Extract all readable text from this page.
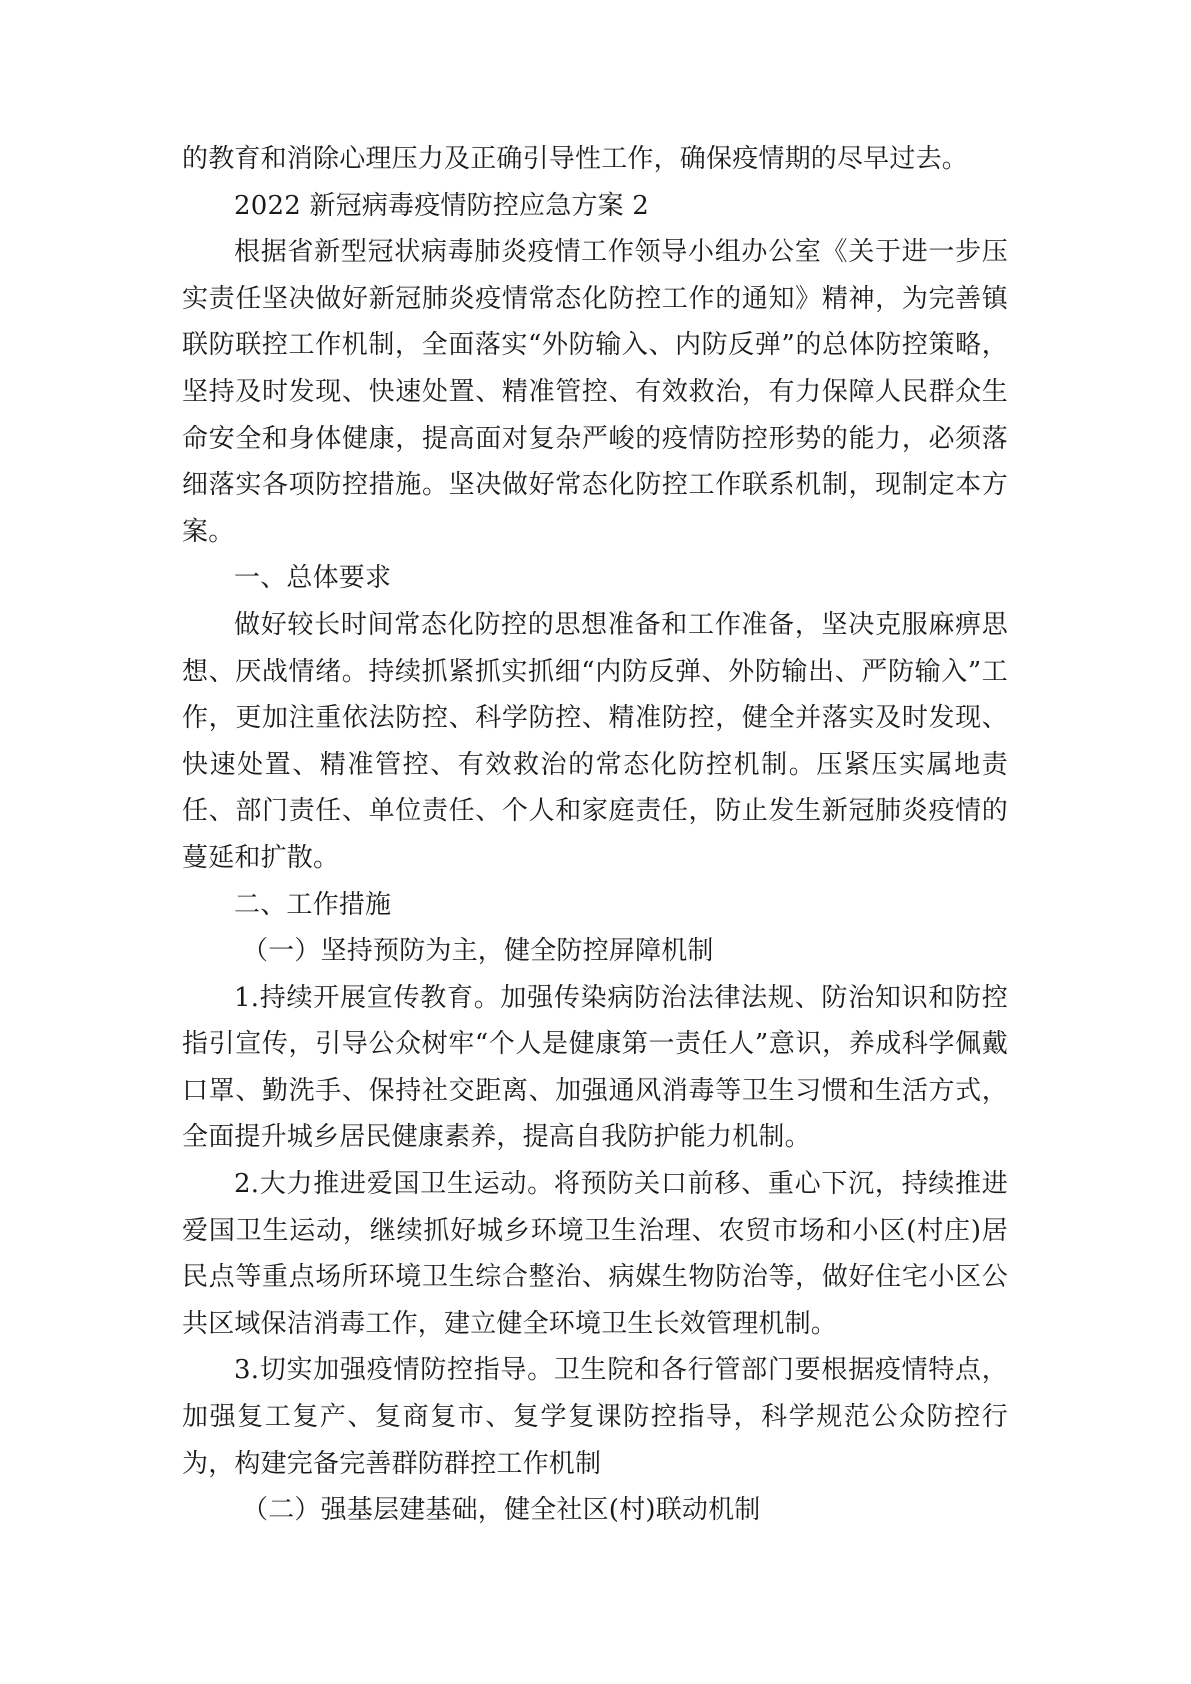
的教育和消除心理压力及正确引导性工作，确保疫情期的尽早过去。

2022 新冠病毒疫情防控应急方案 2

根据省新型冠状病毒肺炎疫情工作领导小组办公室《关于进一步压实责任坚决做好新冠肺炎疫情常态化防控工作的通知》精神，为完善镇联防联控工作机制，全面落实“外防输入、内防反弹”的总体防控策略，坚持及时发现、快速处置、精准管控、有效救治，有力保障人民群众生命安全和身体健康，提高面对复杂严峻的疫情防控形势的能力，必须落细落实各项防控措施。坚决做好常态化防控工作联系机制，现制定本方案。

一、总体要求

做好较长时间常态化防控的思想准备和工作准备，坚决克服麻痹思想、厌战情绪。持续抓紧抓实抓细“内防反弹、外防输出、严防输入”工作，更加注重依法防控、科学防控、精准防控，健全并落实及时发现、快速处置、精准管控、有效救治的常态化防控机制。压紧压实属地责任、部门责任、单位责任、个人和家庭责任，防止发生新冠肺炎疫情的蔓延和扩散。

二、工作措施

（一）坚持预防为主，健全防控屏障机制

1.持续开展宣传教育。加强传染病防治法律法规、防治知识和防控指引宣传，引导公众树牢“个人是健康第一责任人”意识，养成科学佩戴口罩、勤洗手、保持社交距离、加强通风消毒等卫生习惯和生活方式，全面提升城乡居民健康素养，提高自我防护能力机制。

2.大力推进爱国卫生运动。将预防关口前移、重心下沉，持续推进爱国卫生运动，继续抓好城乡环境卫生治理、农贸市场和小区(村庄)居民点等重点场所环境卫生综合整治、病媒生物防治等，做好住宅小区公共区域保洁消毒工作，建立健全环境卫生长效管理机制。

3.切实加强疫情防控指导。卫生院和各行管部门要根据疫情特点，加强复工复产、复商复市、复学复课防控指导，科学规范公众防控行为，构建完备完善群防群控工作机制

（二）强基层建基础，健全社区(村)联动机制
